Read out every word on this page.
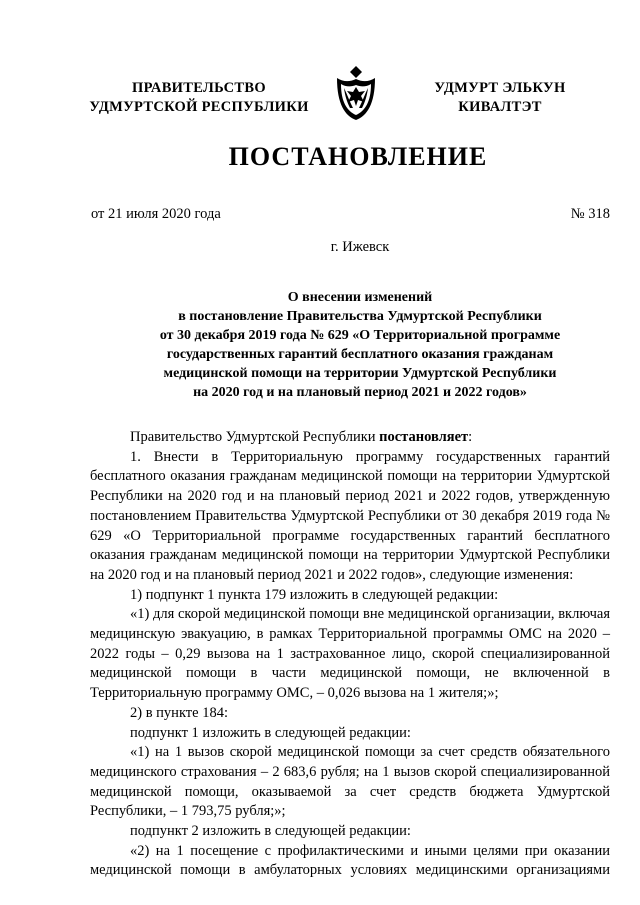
ПРАВИТЕЛЬСТВО
УДМУРТСКОЙ РЕСПУБЛИКИ
УДМУРТ ЭЛЬКУН
КИВАЛТЭТ
ПОСТАНОВЛЕНИЕ
от 21 июля 2020 года	№ 318
г. Ижевск
О внесении изменений
в постановление Правительства Удмуртской Республики
от 30 декабря 2019 года № 629 «О Территориальной программе
государственных гарантий бесплатного оказания гражданам
медицинской помощи на территории Удмуртской Республики
на 2020 год и на плановый период 2021 и 2022 годов»

Правительство Удмуртской Республики постановляет:

1. Внести в Территориальную программу государственных гарантий бесплатного оказания гражданам медицинской помощи на территории Удмуртской Республики на 2020 год и на плановый период 2021 и 2022 годов, утвержденную постановлением Правительства Удмуртской Республики от 30 декабря 2019 года № 629 «О Территориальной программе государственных гарантий бесплатного оказания гражданам медицинской помощи на территории Удмуртской Республики на 2020 год и на плановый период 2021 и 2022 годов», следующие изменения:

1) подпункт 1 пункта 179 изложить в следующей редакции:

«1) для скорой медицинской помощи вне медицинской организации, включая медицинскую эвакуацию, в рамках Территориальной программы ОМС на 2020 – 2022 годы – 0,29 вызова на 1 застрахованное лицо, скорой специализированной медицинской помощи в части медицинской помощи, не включенной в Территориальную программу ОМС, – 0,026 вызова на 1 жителя;»;

2) в пункте 184:

подпункт 1 изложить в следующей редакции:

«1) на 1 вызов скорой медицинской помощи за счет средств обязательного медицинского страхования – 2 683,6 рубля; на 1 вызов скорой специализированной медицинской помощи, оказываемой за счет средств бюджета Удмуртской Республики, – 1 793,75 рубля;»;

подпункт 2 изложить в следующей редакции:

«2) на 1 посещение с профилактическими и иными целями при оказании медицинской помощи в амбулаторных условиях медицинскими организациями
